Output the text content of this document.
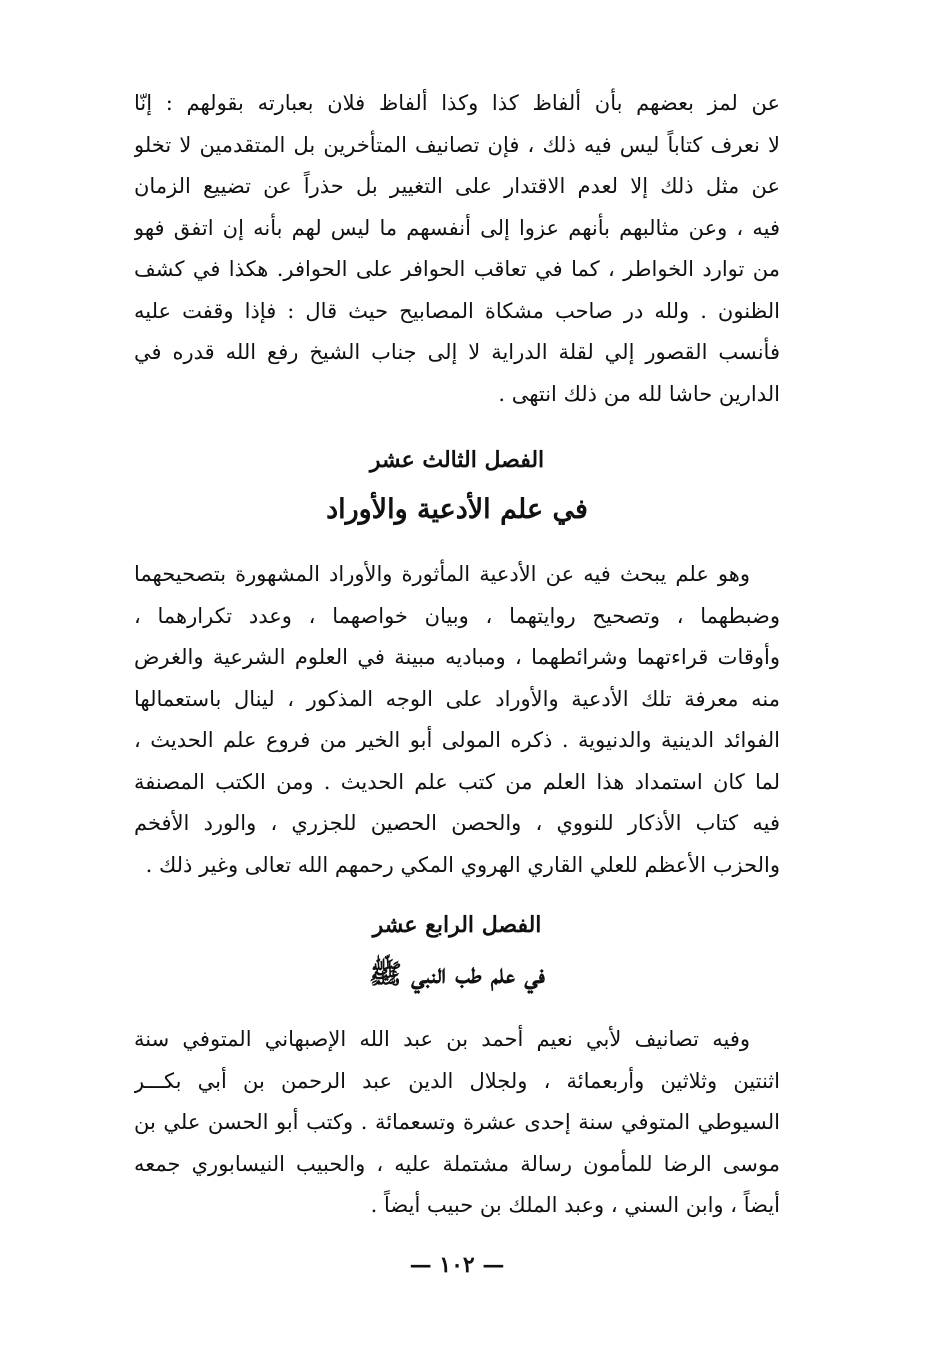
عن لمز بعضهم بأن ألفاظ كذا وكذا ألفاظ فلان بعبارته بقولهم : إنّا
لا نعرف كتاباً ليس فيه ذلك ، فإن تصانيف المتأخرين بل المتقدمين لا تخلو
عن مثل ذلك إلا لعدم الاقتدار على التغيير بل حذراً عن تضييع الزمان
فيه ، وعن مثالبهم بأنهم عزوا إلى أنفسهم ما ليس لهم بأنه إن اتفق فهو
من توارد الخواطر ، كما في تعاقب الحوافر على الحوافر. هكذا في كشف
الظنون . ولله در صاحب مشكاة المصابيح حيث قال : فإذا وقفت عليه
فأنسب القصور إلي لقلة الدراية لا إلى جناب الشيخ رفع الله قدره في
الدارين حاشا لله من ذلك انتهى .
الفصل الثالث عشر
في علم الأدعية والأوراد
وهو علم يبحث فيه عن الأدعية المأثورة والأوراد المشهورة بتصحيحهما
وضبطهما ، وتصحيح روايتهما ، وبيان خواصهما ، وعدد تكرارهما ،
وأوقات قراءتهما وشرائطهما ، ومباديه مبينة في العلوم الشرعية والغرض
منه معرفة تلك الأدعية والأوراد على الوجه المذكور ، لينال باستعمالها
الفوائد الدينية والدنيوية . ذكره المولى أبو الخير من فروع علم الحديث ،
لما كان استمداد هذا العلم من كتب علم الحديث . ومن الكتب المصنفة
فيه كتاب الأذكار للنووي ، والحصن الحصين للجزري ، والورد الأفخم
والحزب الأعظم للعلي القاري الهروي المكي رحمهم الله تعالى وغير ذلك .
الفصل الرابع عشر
في علم طب النبي ﷺ
وفيه تصانيف لأبي نعيم أحمد بن عبد الله الإصبهاني المتوفي سنة
اثنتين وثلاثين وأربعمائة ، ولجلال الدين عبد الرحمن بن أبي بكـــر
السيوطي المتوفي سنة إحدى عشرة وتسعمائة . وكتب أبو الحسن علي بن
موسى الرضا للمأمون رسالة مشتملة عليه ، والحبيب النيسابوري جمعه
أيضاً ، وابن السني ، وعبد الملك بن حبيب أيضاً .
— ١٠٢ —
